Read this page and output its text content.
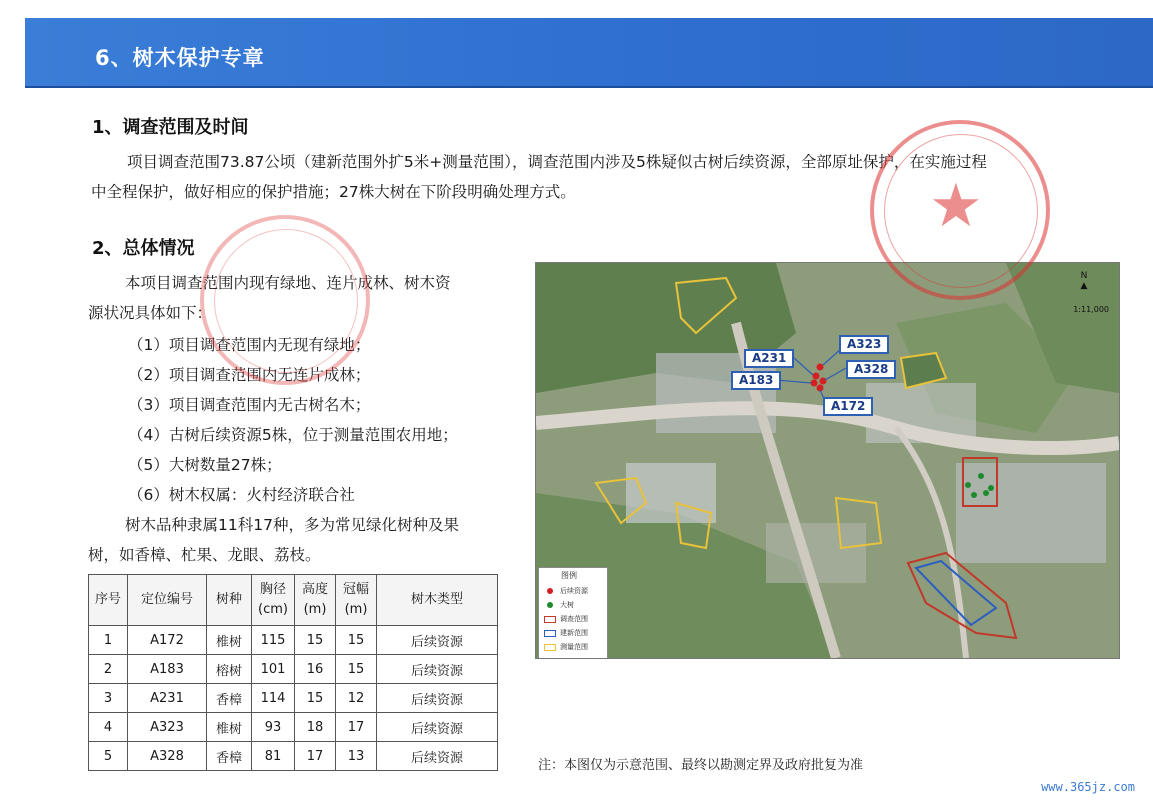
6、树木保护专章
1、调查范围及时间
项目调查范围73.87公顷（建新范围外扩5米+测量范围），调查范围内涉及5株疑似古树后续资源，全部原址保护，在实施过程
中全程保护，做好相应的保护措施；27株大树在下阶段明确处理方式。
2、总体情况
本项目调查范围内现有绿地、连片成林、树木资
源状况具体如下：
（1）项目调查范围内无现有绿地；
（2）项目调查范围内无连片成林；
（3）项目调查范围内无古树名木；
（4）古树后续资源5株，位于测量范围农用地；
（5）大树数量27株；
（6）树木权属：火村经济联合社
树木品种隶属11科17种，多为常见绿化树种及果
树，如香樟、杧果、龙眼、荔枝。
序号	定位编号	树种	胸径(cm)	高度(m)	冠幅(m)	树木类型
1	A172	椎树	115	15	15	后续资源
2	A183	榕树	101	16	15	后续资源
3	A231	香樟	114	15	12	后续资源
4	A323	椎树	93	18	17	后续资源
5	A328	香樟	81	17	13	后续资源
A323
A231
A328
A183
A172
N
▲
1:11,000
图例
后续资源
大树
调查范围
建新范围
测量范围
注：本图仅为示意范围、最终以勘测定界及政府批复为准
★
www.365jz.com
